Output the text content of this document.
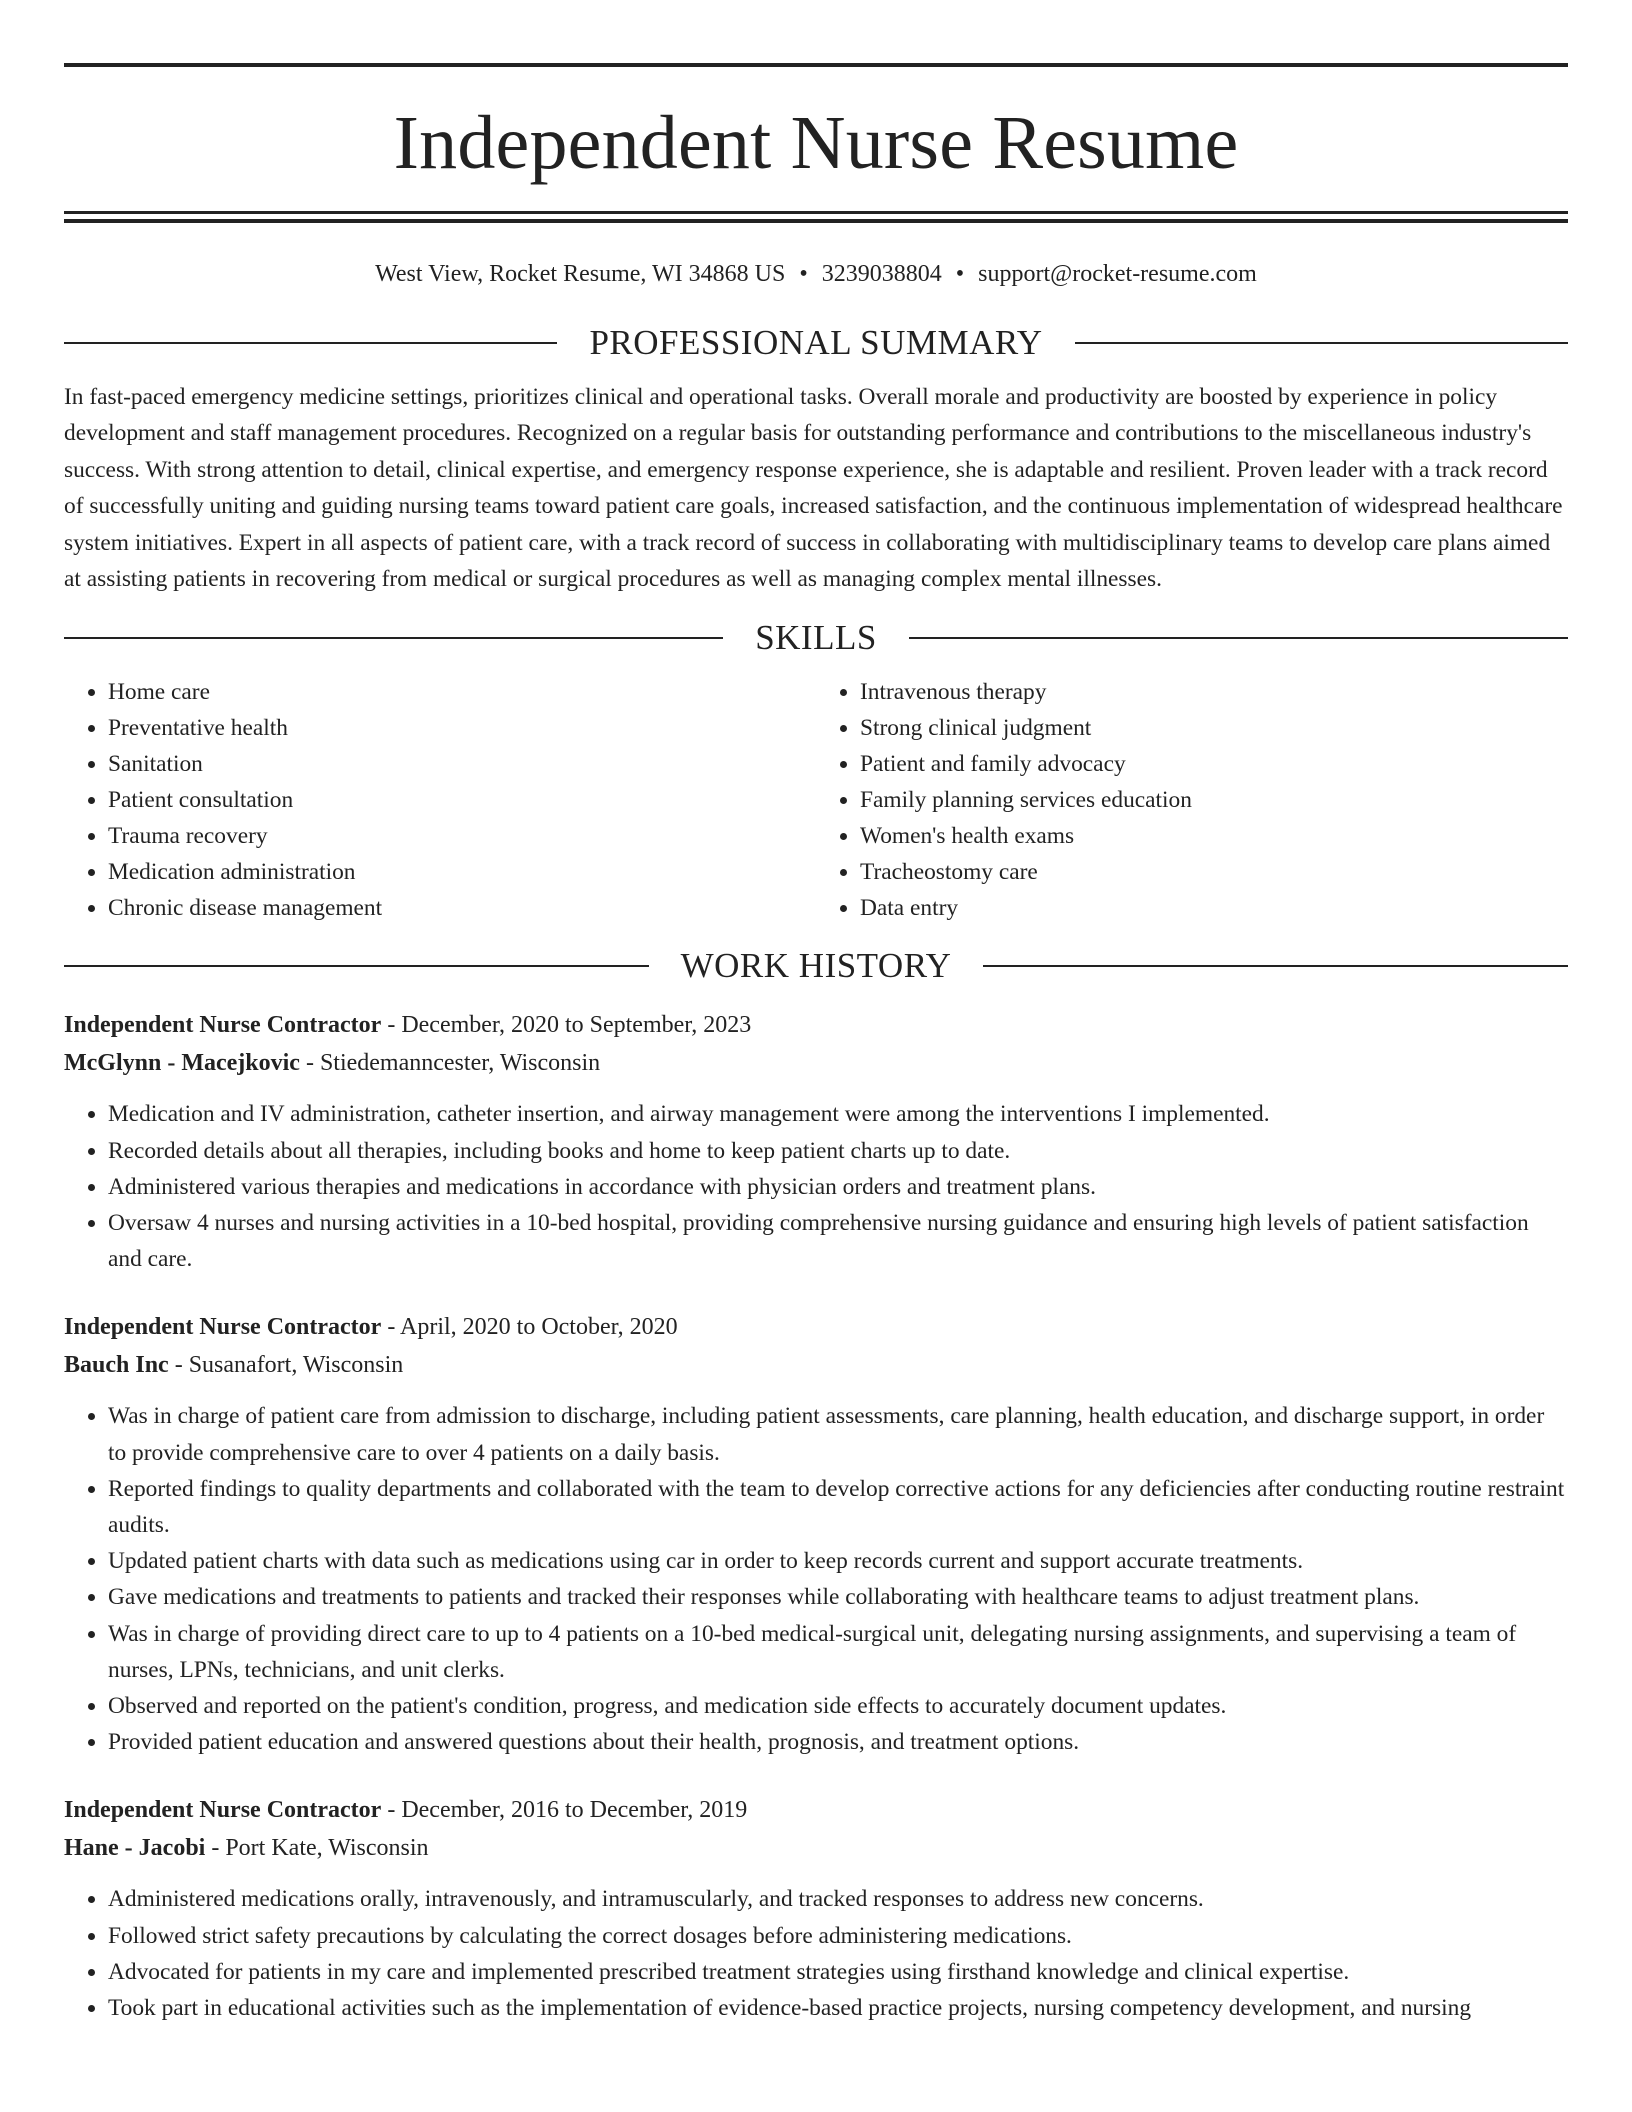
Independent Nurse Resume
West View, Rocket Resume, WI 34868 US • 3239038804 • support@rocket-resume.com
PROFESSIONAL SUMMARY
In fast-paced emergency medicine settings, prioritizes clinical and operational tasks. Overall morale and productivity are boosted by experience in policy development and staff management procedures. Recognized on a regular basis for outstanding performance and contributions to the miscellaneous industry's success. With strong attention to detail, clinical expertise, and emergency response experience, she is adaptable and resilient. Proven leader with a track record of successfully uniting and guiding nursing teams toward patient care goals, increased satisfaction, and the continuous implementation of widespread healthcare system initiatives. Expert in all aspects of patient care, with a track record of success in collaborating with multidisciplinary teams to develop care plans aimed at assisting patients in recovering from medical or surgical procedures as well as managing complex mental illnesses.
SKILLS
• Home care
• Preventative health
• Sanitation
• Patient consultation
• Trauma recovery
• Medication administration
• Chronic disease management
• Intravenous therapy
• Strong clinical judgment
• Patient and family advocacy
• Family planning services education
• Women's health exams
• Tracheostomy care
• Data entry
WORK HISTORY
Independent Nurse Contractor - December, 2020 to September, 2023
McGlynn - Macejkovic - Stiedemanncester, Wisconsin
• Medication and IV administration, catheter insertion, and airway management were among the interventions I implemented.
• Recorded details about all therapies, including books and home to keep patient charts up to date.
• Administered various therapies and medications in accordance with physician orders and treatment plans.
• Oversaw 4 nurses and nursing activities in a 10-bed hospital, providing comprehensive nursing guidance and ensuring high levels of patient satisfaction and care.
Independent Nurse Contractor - April, 2020 to October, 2020
Bauch Inc - Susanafort, Wisconsin
• Was in charge of patient care from admission to discharge, including patient assessments, care planning, health education, and discharge support, in order to provide comprehensive care to over 4 patients on a daily basis.
• Reported findings to quality departments and collaborated with the team to develop corrective actions for any deficiencies after conducting routine restraint audits.
• Updated patient charts with data such as medications using car in order to keep records current and support accurate treatments.
• Gave medications and treatments to patients and tracked their responses while collaborating with healthcare teams to adjust treatment plans.
• Was in charge of providing direct care to up to 4 patients on a 10-bed medical-surgical unit, delegating nursing assignments, and supervising a team of nurses, LPNs, technicians, and unit clerks.
• Observed and reported on the patient's condition, progress, and medication side effects to accurately document updates.
• Provided patient education and answered questions about their health, prognosis, and treatment options.
Independent Nurse Contractor - December, 2016 to December, 2019
Hane - Jacobi - Port Kate, Wisconsin
• Administered medications orally, intravenously, and intramuscularly, and tracked responses to address new concerns.
• Followed strict safety precautions by calculating the correct dosages before administering medications.
• Advocated for patients in my care and implemented prescribed treatment strategies using firsthand knowledge and clinical expertise.
• Took part in educational activities such as the implementation of evidence-based practice projects, nursing competency development, and nursing
